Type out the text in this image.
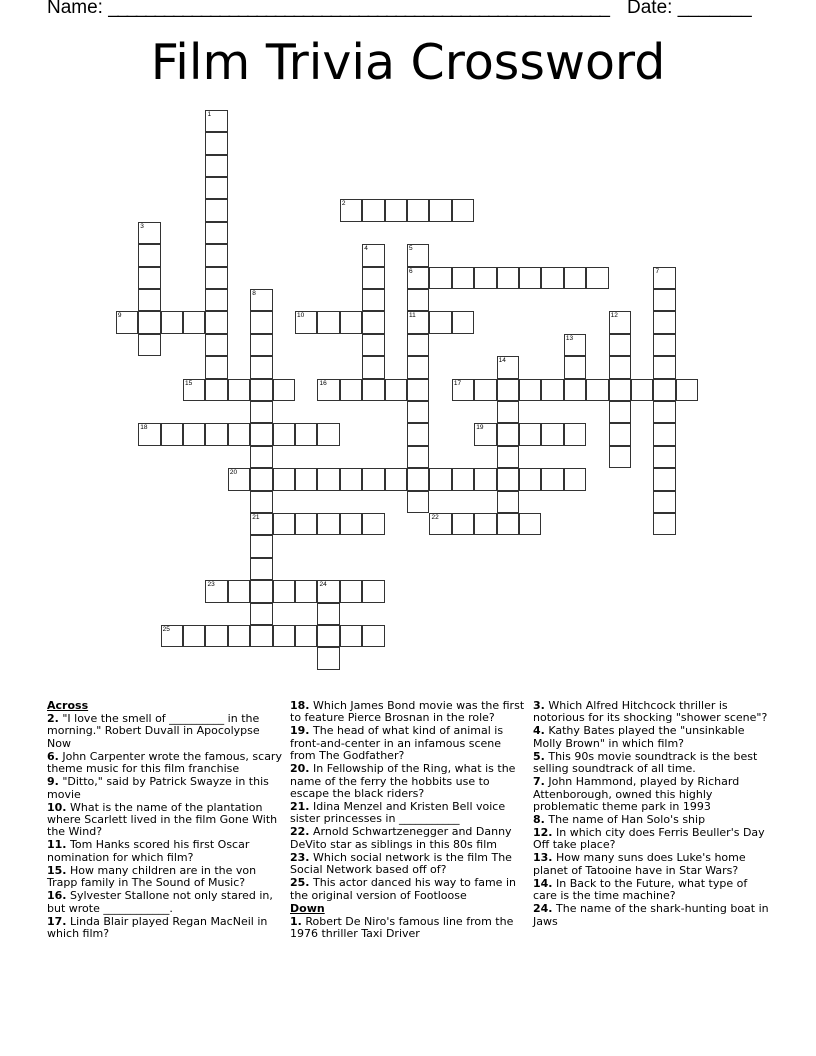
Name: ______________________________________________________ Date: _______
Film Trivia Crossword
1
2
3
4	5
6
11
7
8
21
9	10	12
13
14
15	16	17
18	19
20
22
23	24
25

Across

2. "I love the smell of __________ in the morning." Robert Duvall in Apocolypse Now

6. John Carpenter wrote the famous, scary theme music for this film franchise

9. "Ditto," said by Patrick Swayze in this movie

10. What is the name of the plantation where Scarlett lived in the film Gone With the Wind?

11. Tom Hanks scored his first Oscar nomination for which film?

15. How many children are in the von Trapp family in The Sound of Music?

16. Sylvester Stallone not only stared in, but wrote ____________.

17. Linda Blair played Regan MacNeil in which film?

18. Which James Bond movie was the first to feature Pierce Brosnan in the role?

19. The head of what kind of animal is front-and-center in an infamous scene from The Godfather?

20. In Fellowship of the Ring, what is the name of the ferry the hobbits use to escape the black riders?

21. Idina Menzel and Kristen Bell voice sister princesses in ___________

22. Arnold Schwartzenegger and Danny DeVito star as siblings in this 80s film

23. Which social network is the film The Social Network based off of?

25. This actor danced his way to fame in the original version of Footloose

Down

1. Robert De Niro's famous line from the 1976 thriller Taxi Driver

3. Which Alfred Hitchcock thriller is notorious for its shocking "shower scene"?

4. Kathy Bates played the "unsinkable Molly Brown" in which film?

5. This 90s movie soundtrack is the best selling soundtrack of all time.

7. John Hammond, played by Richard Attenborough, owned this highly problematic theme park in 1993

8. The name of Han Solo's ship

12. In which city does Ferris Beuller's Day Off take place?

13. How many suns does Luke's home planet of Tatooine have in Star Wars?

14. In Back to the Future, what type of care is the time machine?

24. The name of the shark-hunting boat in Jaws
